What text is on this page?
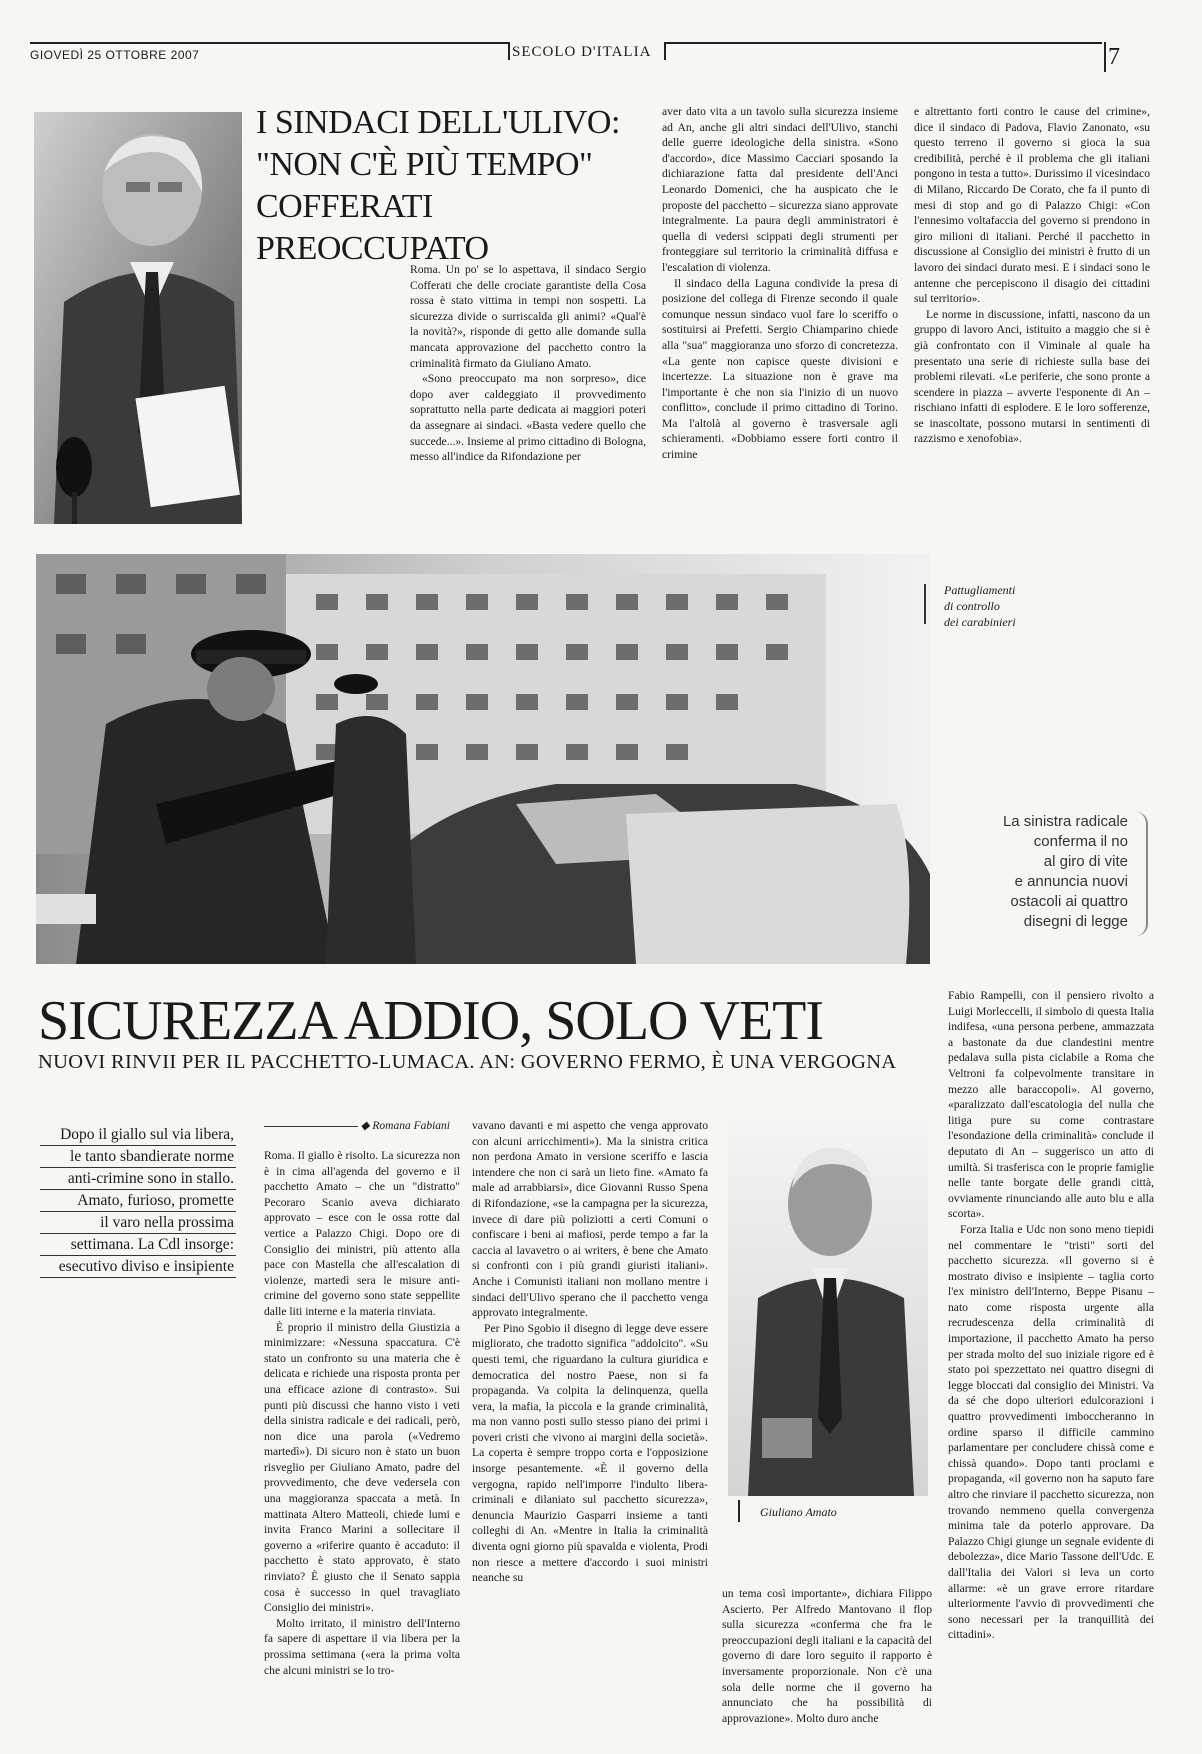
GIOVEDÌ 25 OTTOBRE 2007	SECOLO D'ITALIA	7
I SINDACI DELL'ULIVO:
"NON C'È PIÙ TEMPO"
COFFERATI PREOCCUPATO

Roma. Un po' se lo aspettava, il sindaco Sergio Cofferati che delle crociate garantiste della Cosa rossa è stato vittima in tempi non sospetti. La sicurezza divide o surriscalda gli animi? «Qual'è la novità?», risponde di getto alle domande sulla mancata approvazione del pacchetto contro la criminalità firmato da Giuliano Amato.

«Sono preoccupato ma non sorpreso», dice dopo aver caldeggiato il provvedimento soprattutto nella parte dedicata ai maggiori poteri da assegnare ai sindaci. «Basta vedere quello che succede...». Insieme al primo cittadino di Bologna, messo all'indice da Rifondazione per

aver dato vita a un tavolo sulla sicurezza insieme ad An, anche gli altri sindaci dell'Ulivo, stanchi delle guerre ideologiche della sinistra. «Sono d'accordo», dice Massimo Cacciari sposando la dichiarazione fatta dal presidente dell'Anci Leonardo Domenici, che ha auspicato che le proposte del pacchetto – sicurezza siano approvate integralmente. La paura degli amministratori è quella di vedersi scippati degli strumenti per fronteggiare sul territorio la criminalità diffusa e l'escalation di violenza.

Il sindaco della Laguna condivide la presa di posizione del collega di Firenze secondo il quale comunque nessun sindaco vuol fare lo sceriffo o sostituirsi ai Prefetti. Sergio Chiamparino chiede alla "sua" maggioranza uno sforzo di concretezza. «La gente non capisce queste divisioni e incertezze. La situazione non è grave ma l'importante è che non sia l'inizio di un nuovo conflitto», conclude il primo cittadino di Torino. Ma l'altolà al governo è trasversale agli schieramenti. «Dobbiamo essere forti contro il crimine

e altrettanto forti contro le cause del crimine», dice il sindaco di Padova, Flavio Zanonato, «su questo terreno il governo si gioca la sua credibilità, perché è il problema che gli italiani pongono in testa a tutto». Durissimo il vicesindaco di Milano, Riccardo De Corato, che fa il punto di mesi di stop and go di Palazzo Chigi: «Con l'ennesimo voltafaccia del governo si prendono in giro milioni di italiani. Perché il pacchetto in discussione al Consiglio dei ministri è frutto di un lavoro dei sindaci durato mesi. E i sindaci sono le antenne che percepiscono il disagio dei cittadini sul territorio».

Le norme in discussione, infatti, nascono da un gruppo di lavoro Anci, istituito a maggio che si è già confrontato con il Viminale al quale ha presentato una serie di richieste sulla base dei problemi rilevati. «Le periferie, che sono pronte a scendere in piazza – avverte l'esponente di An – rischiano infatti di esplodere. E le loro sofferenze, se inascoltate, possono mutarsi in sentimenti di razzismo e xenofobia».

Pattugliamenti
di controllo
dei carabinieri
La sinistra radicale
conferma il no
al giro di vite
e annuncia nuovi
ostacoli ai quattro
disegni di legge
SICUREZZA ADDIO, SOLO VETI
NUOVI RINVII PER IL PACCHETTO-LUMACA. AN: GOVERNO FERMO, È UNA VERGOGNA
Dopo il giallo sul via libera,
le tanto sbandierate norme
anti-crimine sono in stallo.
Amato, furioso, promette
il varo nella prossima
settimana. La Cdl insorge:
esecutivo diviso e insipiente
◆ Romana Fabiani

Roma. Il giallo è risolto. La sicurezza non è in cima all'agenda del governo e il pacchetto Amato – che un "distratto" Pecoraro Scanio aveva dichiarato approvato – esce con le ossa rotte dal vertice a Palazzo Chigi. Dopo ore di Consiglio dei ministri, più attento alla pace con Mastella che all'escalation di violenze, martedì sera le misure anti-crimine del governo sono state seppellite dalle liti interne e la materia rinviata.

È proprio il ministro della Giustizia a minimizzare: «Nessuna spaccatura. C'è stato un confronto su una materia che è delicata e richiede una risposta pronta per una efficace azione di contrasto». Sui punti più discussi che hanno visto i veti della sinistra radicale e dei radicali, però, non dice una parola («Vedremo martedì»). Di sicuro non è stato un buon risveglio per Giuliano Amato, padre del provvedimento, che deve vedersela con una maggioranza spaccata a metà. In mattinata Altero Matteoli, chiede lumi e invita Franco Marini a sollecitare il governo a «riferire quanto è accaduto: il pacchetto è stato approvato, è stato rinviato? È giusto che il Senato sappia cosa è successo in quel travagliato Consiglio dei ministri».

Molto irritato, il ministro dell'Interno fa sapere di aspettare il via libera per la prossima settimana («era la prima volta che alcuni ministri se lo tro-

vavano davanti e mi aspetto che venga approvato con alcuni arricchimenti»). Ma la sinistra critica non perdona Amato in versione sceriffo e lascia intendere che non ci sarà un lieto fine. «Amato fa male ad arrabbiarsi», dice Giovanni Russo Spena di Rifondazione, «se la campagna per la sicurezza, invece di dare più poliziotti a certi Comuni o confiscare i beni ai mafiosi, perde tempo a far la caccia al lavavetro o ai writers, è bene che Amato si confronti con i più grandi giuristi italiani». Anche i Comunisti italiani non mollano mentre i sindaci dell'Ulivo sperano che il pacchetto venga approvato integralmente.

Per Pino Sgobio il disegno di legge deve essere migliorato, che tradotto significa "addolcito". «Su questi temi, che riguardano la cultura giuridica e democratica del nostro Paese, non si fa propaganda. Va colpita la delinquenza, quella vera, la mafia, la piccola e la grande criminalità, ma non vanno posti sullo stesso piano dei primi i poveri cristi che vivono ai margini della società». La coperta è sempre troppo corta e l'opposizione insorge pesantemente. «È il governo della vergogna, rapido nell'imporre l'indulto libera-criminali e dilaniato sul pacchetto sicurezza», denuncia Maurizio Gasparri insieme a tanti colleghi di An. «Mentre in Italia la criminalità diventa ogni giorno più spavalda e violenta, Prodi non riesce a mettere d'accordo i suoi ministri neanche su

Giuliano Amato

un tema così importante», dichiara Filippo Ascierto. Per Alfredo Mantovano il flop sulla sicurezza «conferma che fra le preoccupazioni degli italiani e la capacità del governo di dare loro seguito il rapporto è inversamente proporzionale. Non c'è una sola delle norme che il governo ha annunciato che ha possibilità di approvazione». Molto duro anche

Fabio Rampelli, con il pensiero rivolto a Luigi Morleccelli, il simbolo di questa Italia indifesa, «una persona perbene, ammazzata a bastonate da due clandestini mentre pedalava sulla pista ciclabile a Roma che Veltroni fa colpevolmente transitare in mezzo alle baraccopoli». Al governo, «paralizzato dall'escatologia del nulla che litiga pure su come contrastare l'esondazione della criminalità» conclude il deputato di An – suggerisco un atto di umiltà. Si trasferisca con le proprie famiglie nelle tante borgate delle grandi città, ovviamente rinunciando alle auto blu e alla scorta».

Forza Italia e Udc non sono meno tiepidi nel commentare le "tristi" sorti del pacchetto sicurezza. «Il governo si è mostrato diviso e insipiente – taglia corto l'ex ministro dell'Interno, Beppe Pisanu – nato come risposta urgente alla recrudescenza della criminalità di importazione, il pacchetto Amato ha perso per strada molto del suo iniziale rigore ed è stato poi spezzettato nei quattro disegni di legge bloccati dal consiglio dei Ministri. Va da sé che dopo ulteriori edulcorazioni i quattro provvedimenti imboccheranno in ordine sparso il difficile cammino parlamentare per concludere chissà come e chissà quando». Dopo tanti proclami e propaganda, «il governo non ha saputo fare altro che rinviare il pacchetto sicurezza, non trovando nemmeno quella convergenza minima tale da poterlo approvare. Da Palazzo Chigi giunge un segnale evidente di debolezza», dice Mario Tassone dell'Udc. E dall'Italia dei Valori si leva un corto allarme: «è un grave errore ritardare ulteriormente l'avvio di provvedimenti che sono necessari per la tranquillità dei cittadini».
